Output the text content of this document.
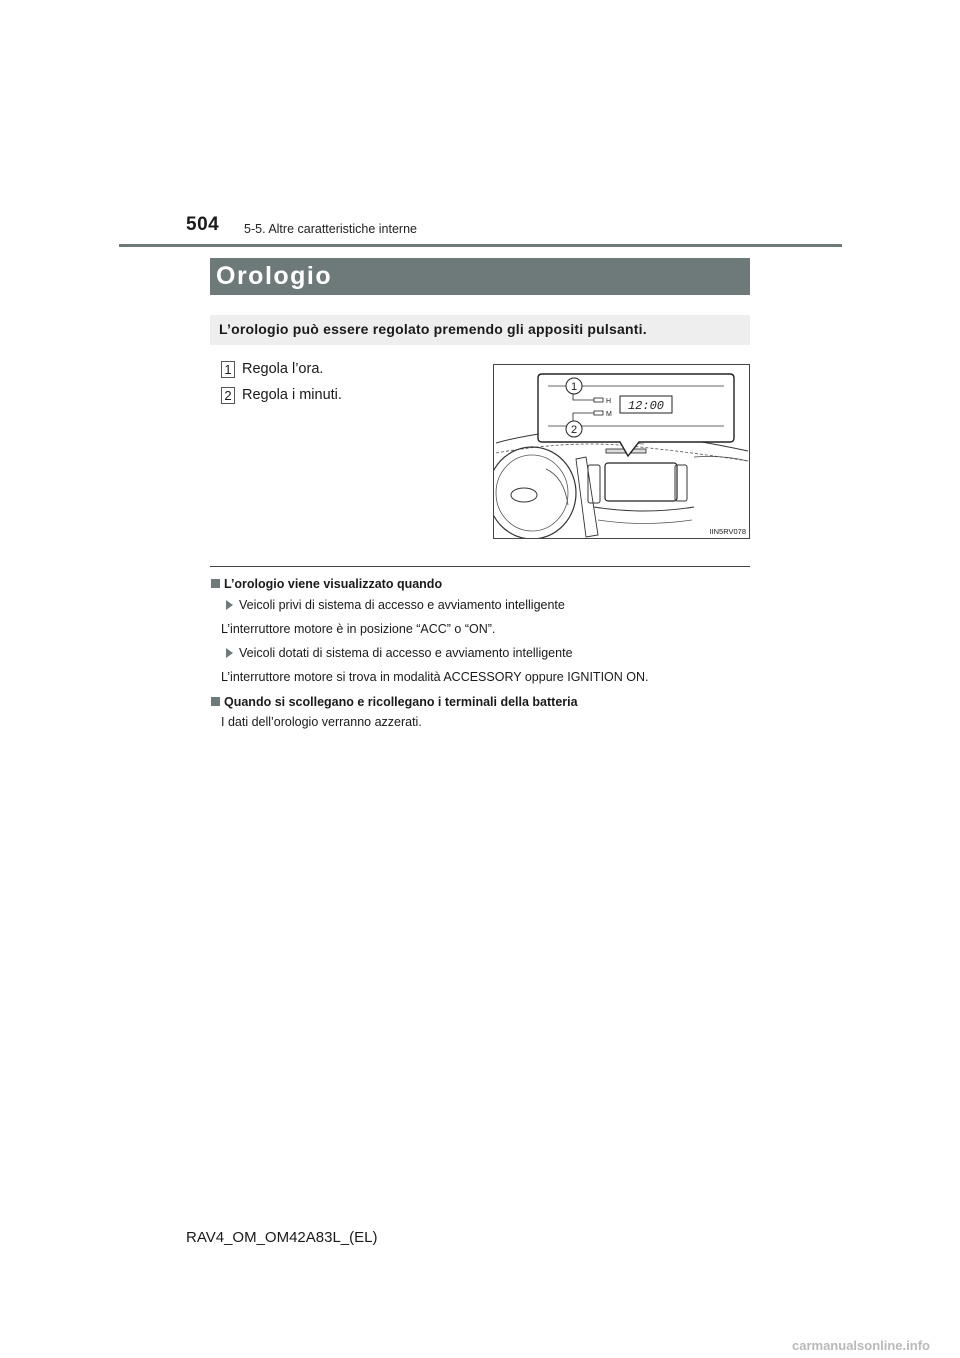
504 5-5. Altre caratteristiche interne
Orologio
L’orologio può essere regolato premendo gli appositi pulsanti.
1 Regola l’ora.
2 Regola i minuti.	H
M
1
2
12:00
IIN5RV078
L’orologio viene visualizzato quando
Veicoli privi di sistema di accesso e avviamento intelligente
L’interruttore motore è in posizione “ACC” o “ON”.
Veicoli dotati di sistema di accesso e avviamento intelligente
L’interruttore motore si trova in modalità ACCESSORY oppure IGNITION ON.
Quando si scollegano e ricollegano i terminali della batteria
I dati dell’orologio verranno azzerati.
RAV4_OM_OM42A83L_(EL)
carmanualsonline.info
